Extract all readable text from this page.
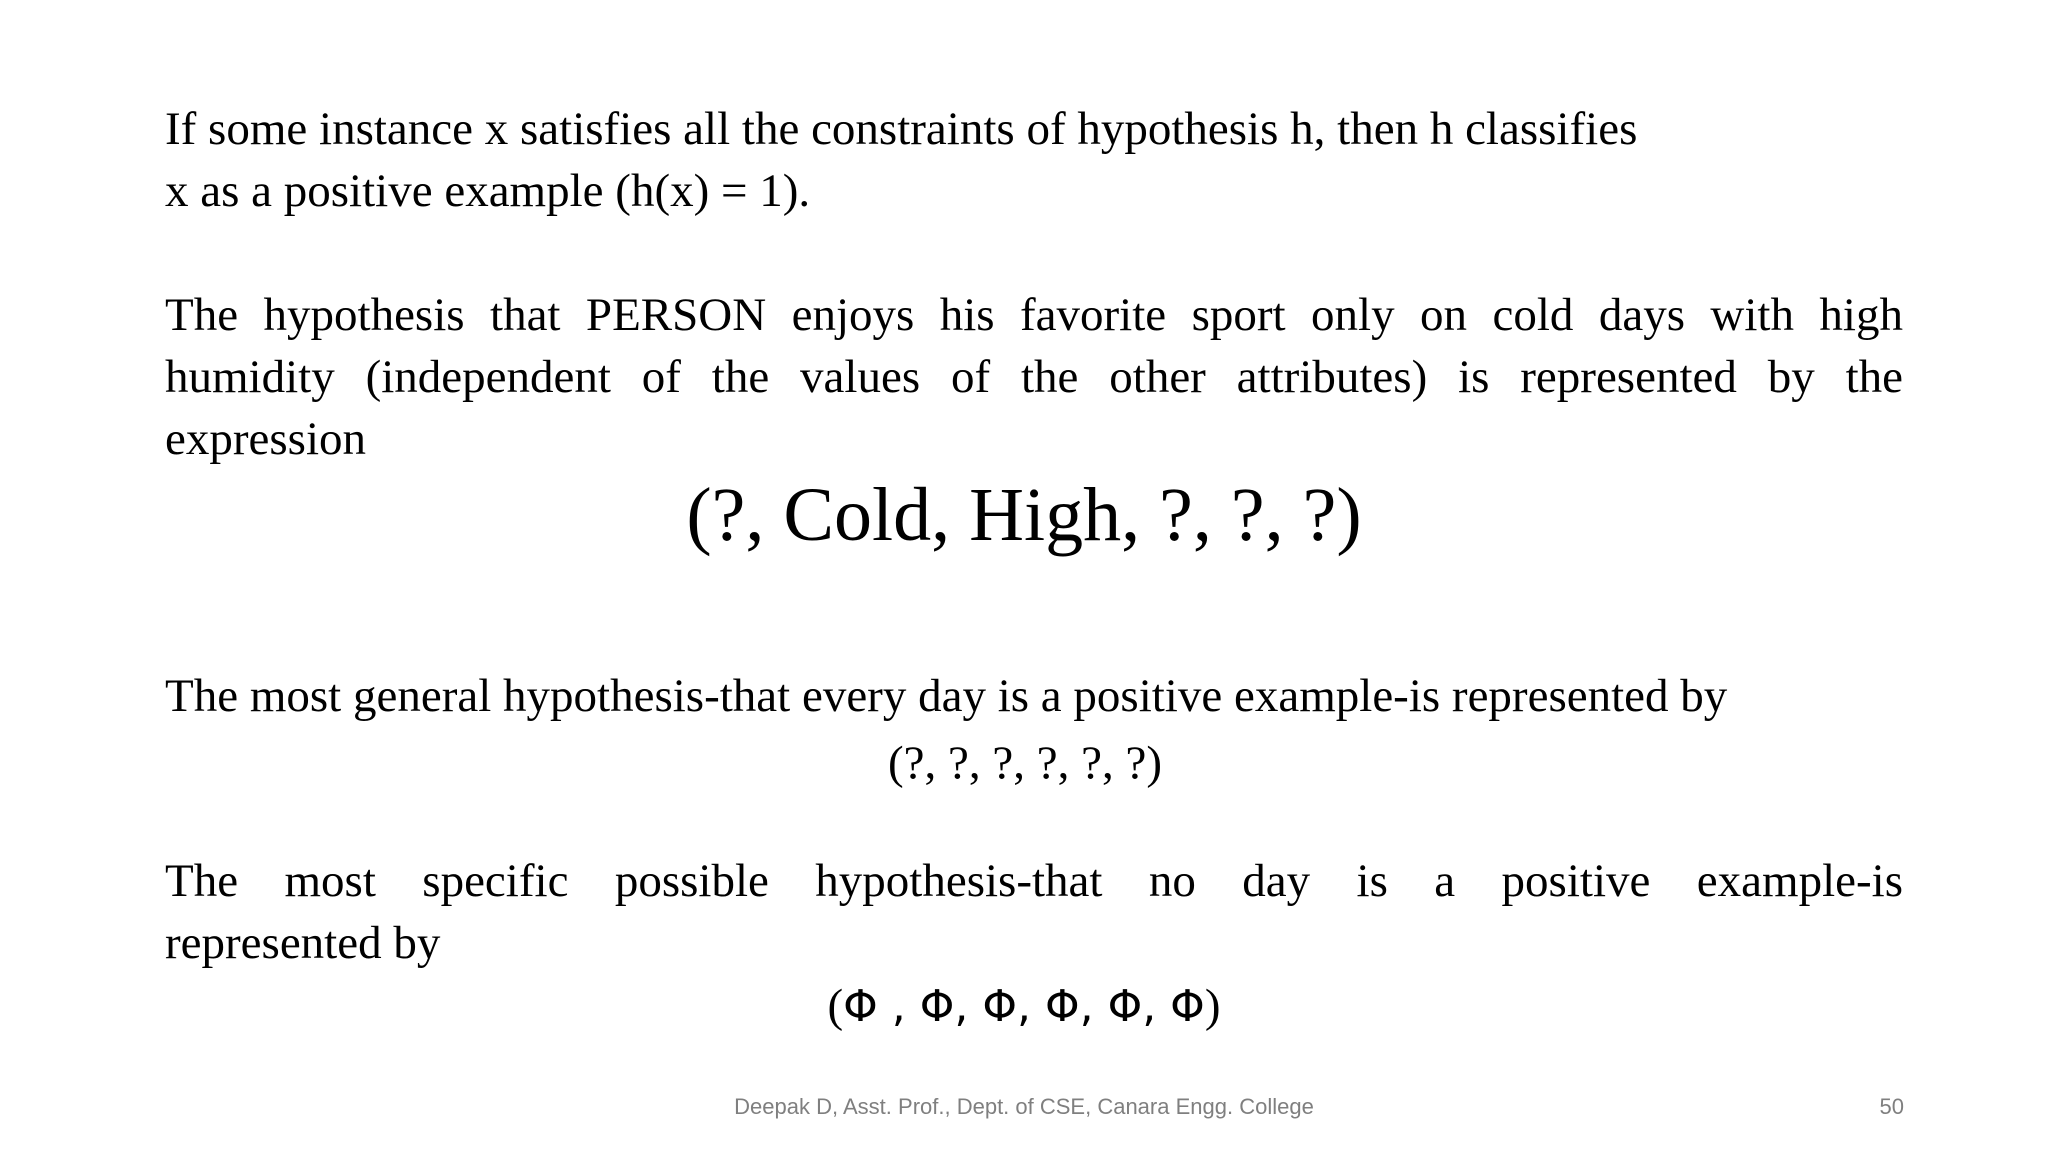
If some instance x satisfies all the constraints of hypothesis h, then h classifies
x as a positive example (h(x) = 1).

The hypothesis that PERSON enjoys his favorite sport only on cold days with high
humidity (independent of the values of the other attributes) is represented by the
expression

(?, Cold, High, ?, ?, ?)

The most general hypothesis-that every day is a positive example-is represented by

(?, ?, ?, ?, ?, ?)

The most specific possible hypothesis-that no day is a positive example-is
represented by

(Φ , Φ, Φ, Φ, Φ, Φ)

Deepak D, Asst. Prof., Dept. of CSE, Canara Engg. College	50
